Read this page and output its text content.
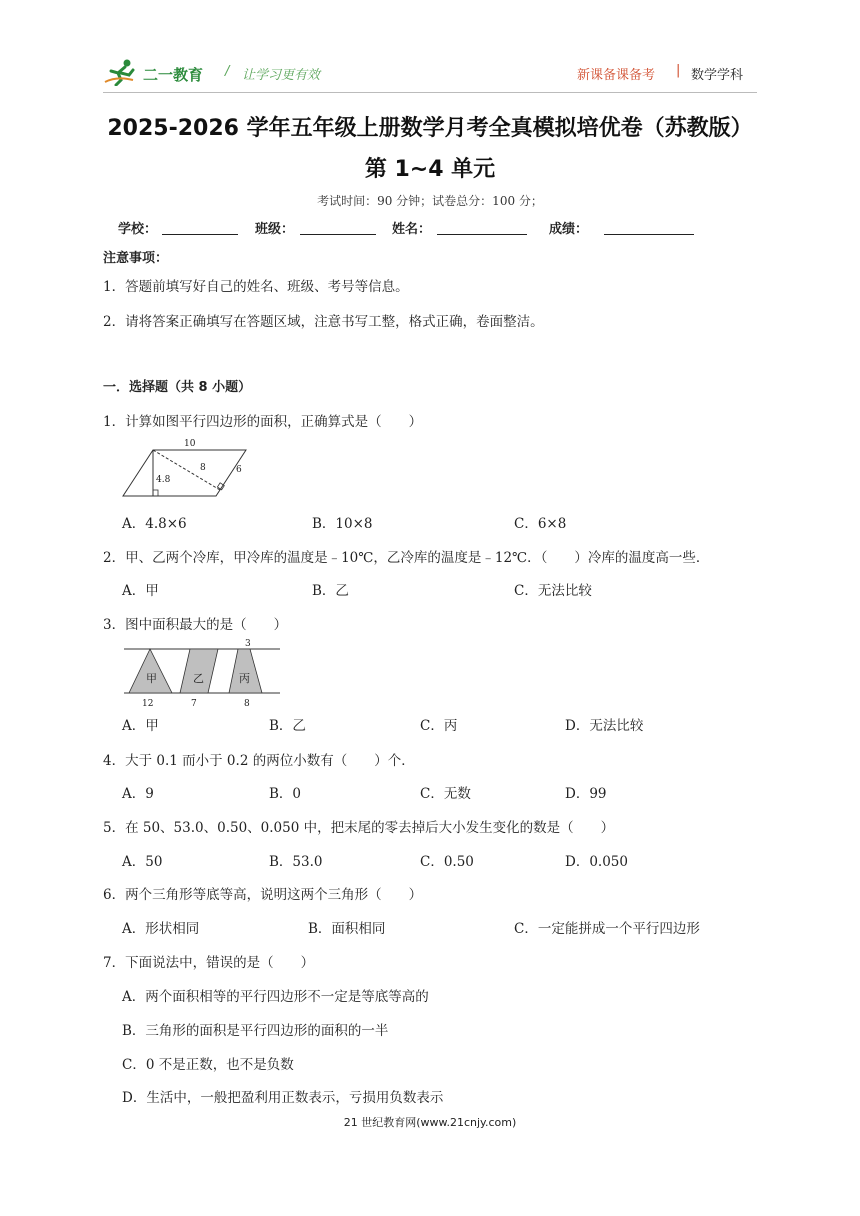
二一教育 / 让学习更有效	新课备课备考 | 数学学科
2025-2026 学年五年级上册数学月考全真模拟培优卷（苏教版）
第 1~4 单元
考试时间：90 分钟；试卷总分：100 分；
学校：	班级：	姓名：	成绩：
注意事项：
1．答题前填写好自己的姓名、班级、考号等信息。
2．请将答案正确填写在答题区域，注意书写工整，格式正确，卷面整洁。
一．选择题（共 8 小题）
1．计算如图平行四边形的面积，正确算式是（　　）
10
8	6
4.8
A．4.8×6	B．10×8	C．6×8
2．甲、乙两个冷库，甲冷库的温度是﹣10℃，乙冷库的温度是﹣12℃．（　　）冷库的温度高一些．
A．甲	B．乙	C．无法比较
3．图中面积最大的是（　　）
3
甲	乙	丙
12	7	8
A．甲	B．乙	C．丙	D．无法比较
4．大于 0.1 而小于 0.2 的两位小数有（　　）个．
A．9	B．0	C．无数	D．99
5．在 50、53.0、0.50、0.050 中，把末尾的零去掉后大小发生变化的数是（　　）
A．50	B．53.0	C．0.50	D．0.050
6．两个三角形等底等高，说明这两个三角形（　　）
A．形状相同	B．面积相同	C．一定能拼成一个平行四边形
7．下面说法中，错误的是（　　）
A．两个面积相等的平行四边形不一定是等底等高的
B．三角形的面积是平行四边形的面积的一半
C．0 不是正数，也不是负数
D．生活中，一般把盈利用正数表示，亏损用负数表示
21 世纪教育网(www.21cnjy.com)
